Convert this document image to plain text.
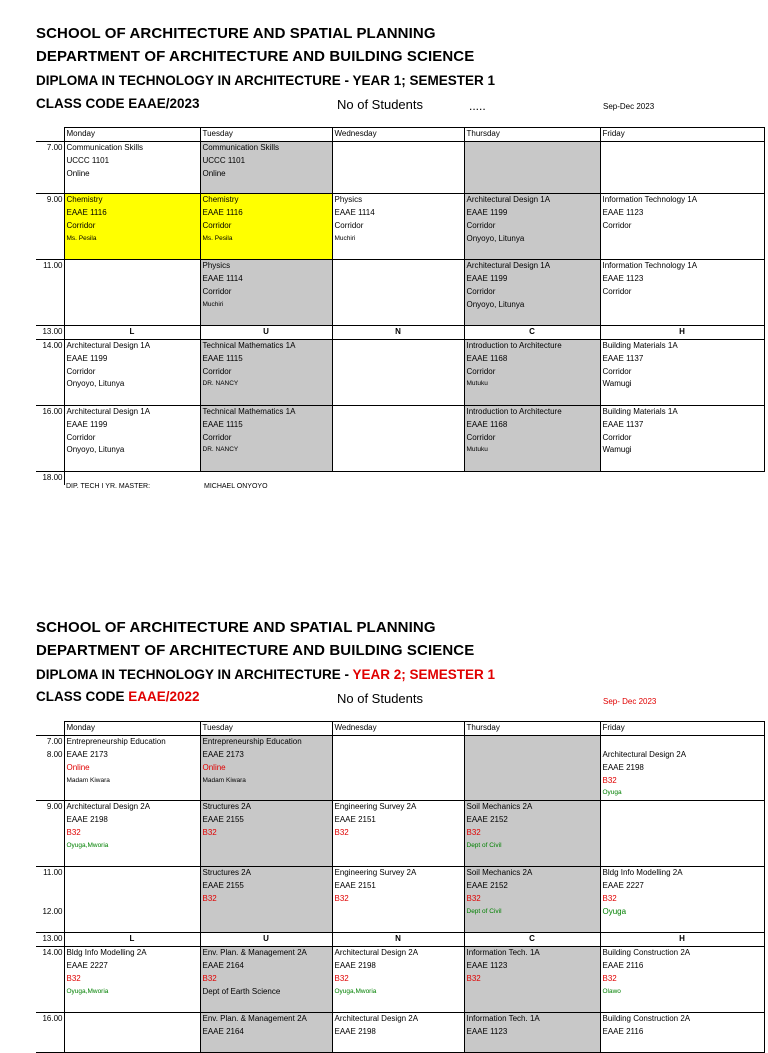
SCHOOL OF ARCHITECTURE AND SPATIAL PLANNING
DEPARTMENT OF ARCHITECTURE AND BUILDING SCIENCE
DIPLOMA IN TECHNOLOGY IN ARCHITECTURE - YEAR 1; SEMESTER 1
CLASS CODE EAAE/2023	No of Students	.....	Sep-Dec 2023
	Monday	Tuesday	Wednesday	Thursday	Friday
7.00	Communication Skills
UCCC 1101
Online	Communication Skills
UCCC 1101
Online			

9.00	Chemistry
EAAE 1116
Corridor
Ms. Pesila	Chemistry
EAAE 1116
Corridor
Ms. Pesila	Physics
EAAE 1114
Corridor
Muchiri	Architectural Design 1A
EAAE 1199
Corridor
Onyoyo, Litunya	Information Technology 1A
EAAE 1123
Corridor

11.00		Physics
EAAE 1114
Corridor
Muchiri		Architectural Design 1A
EAAE 1199
Corridor
Onyoyo, Litunya	Information Technology 1A
EAAE 1123
Corridor

13.00	L	U	N	C	H
14.00	Architectural Design 1A
EAAE 1199
Corridor
Onyoyo, Litunya	Technical Mathematics 1A
EAAE 1115
Corridor
DR. NANCY		Introduction to Architecture
EAAE 1168
Corridor
Mutuku	Building Materials 1A
EAAE 1137
Corridor
Wamugi

16.00	Architectural Design 1A
EAAE 1199
Corridor
Onyoyo, Litunya	Technical Mathematics 1A
EAAE 1115
Corridor
DR. NANCY		Introduction to Architecture
EAAE 1168
Corridor
Mutuku	Building Materials 1A
EAAE 1137
Corridor
Wamugi

18.00					
DIP. TECH I YR. MASTER:	MICHAEL ONYOYO
SCHOOL OF ARCHITECTURE AND SPATIAL PLANNING
DEPARTMENT OF ARCHITECTURE AND BUILDING SCIENCE
DIPLOMA IN TECHNOLOGY IN ARCHITECTURE - YEAR 2; SEMESTER 1
CLASS CODE EAAE/2022	No of Students	Sep- Dec 2023
	Monday	Tuesday	Wednesday	Thursday	Friday

7.00
8.00	Entrepreneurship Education
EAAE 2173
Online
Madam Kiwara	Entrepreneurship Education
EAAE 2173
Online
Madam Kiwara			Architectural Design 2A
EAAE 2198
B32
Oyuga

9.00	Architectural Design 2A
EAAE 2198
B32
Oyuga,Mworia	Structures 2A
EAAE 2155
B32	Engineering Survey 2A
EAAE 2151
B32	Soil Mechanics 2A
EAAE 2152
B32
Dept of Civil	

11.00

12.00		Structures 2A
EAAE 2155
B32	Engineering Survey 2A
EAAE 2151
B32	Soil Mechanics 2A
EAAE 2152
B32
Dept of Civil	Bldg Info Modelling 2A
EAAE 2227
B32
Oyuga

13.00	L	U	N	C	H
14.00	Bldg Info Modelling 2A
EAAE 2227
B32
Oyuga,Mworia	Env. Plan. & Management 2A
EAAE 2164
B32
Dept of Earth Science	Architectural Design 2A
EAAE 2198
B32
Oyuga,Mworia	Information Tech. 1A
EAAE 1123
B32	Building Construction 2A
EAAE 2116
B32
Olawo

16.00		Env. Plan. & Management 2A
EAAE 2164	Architectural Design 2A
EAAE 2198	Information Tech. 1A
EAAE 1123	Building Construction 2A
EAAE 2116
